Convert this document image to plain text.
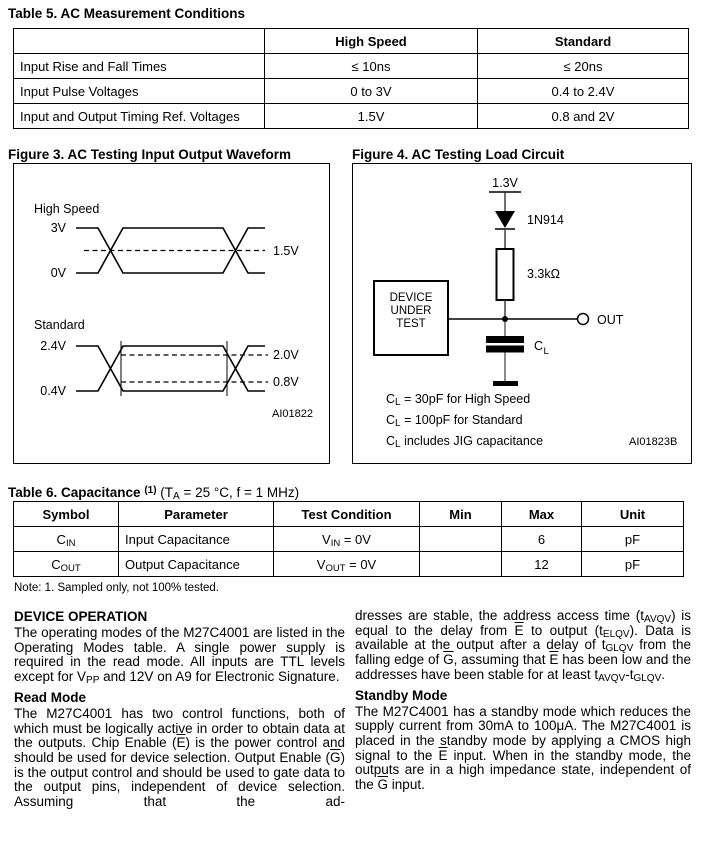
Table 5. AC Measurement Conditions
	High Speed	Standard
Input Rise and Fall Times	≤ 10ns	≤ 20ns
Input Pulse Voltages	0 to 3V	0.4 to 2.4V
Input and Output Timing Ref. Voltages	1.5V	0.8 and 2V
Figure 3. AC Testing Input Output Waveform
High Speed
3V
0V
1.5V
Standard
2.4V
0.4V
2.0V
0.8V
AI01822
Figure 4. AC Testing Load Circuit
1.3V
1N914
3.3kΩ
DEVICE
UNDER
TEST	OUT
C L
$C_L = 30pF$ for High Speed
$C_L = 100pF$ for Standard
$C_L$ includes JIG capacitance	AI01823B
Table 6. Capacitance $^{(1)}$ ($T_A = 25$ °C, f = 1 MHz)
Symbol	Parameter	Test Condition	Min	Max	Unit
$C_{IN}$	Input Capacitance	$V_{IN} = 0V$		6	pF
$C_{OUT}$	Output Capacitance	$V_{OUT} = 0V$		12	pF
Note: 1. Sampled only, not 100% tested.
DEVICE OPERATION

The operating modes of the M27C4001 are listed in the Operating Modes table. A single power supply is required in the read mode. All inputs are TTL levels except for $V_{PP}$ and 12V on A9 for Electronic Signature.

Read Mode

The M27C4001 has two control functions, both of which must be logically active in order to obtain data at the outputs. Chip Enable $(\overline{E})$ is the power control and should be used for device selection. Output Enable $(\overline{G})$ is the output control and should be used to gate data to the output pins, independent of device selection. Assuming that the ad-

dresses are stable, the address access time $(t_{AVQV})$ is equal to the delay from $\overline{E}$ to output $(t_{ELQV})$. Data is available at the output after a delay of $t_{GLQV}$ from the falling edge of $\overline{G}$, assuming that $\overline{E}$ has been low and the addresses have been stable for at least $t_{AVQV}-t_{GLQV}$.

Standby Mode

The M27C4001 has a standby mode which reduces the supply current from 30mA to 100μA. The M27C4001 is placed in the standby mode by applying a CMOS high signal to the $\overline{E}$ input. When in the standby mode, the outputs are in a high impedance state, independent of the $\overline{G}$ input.
